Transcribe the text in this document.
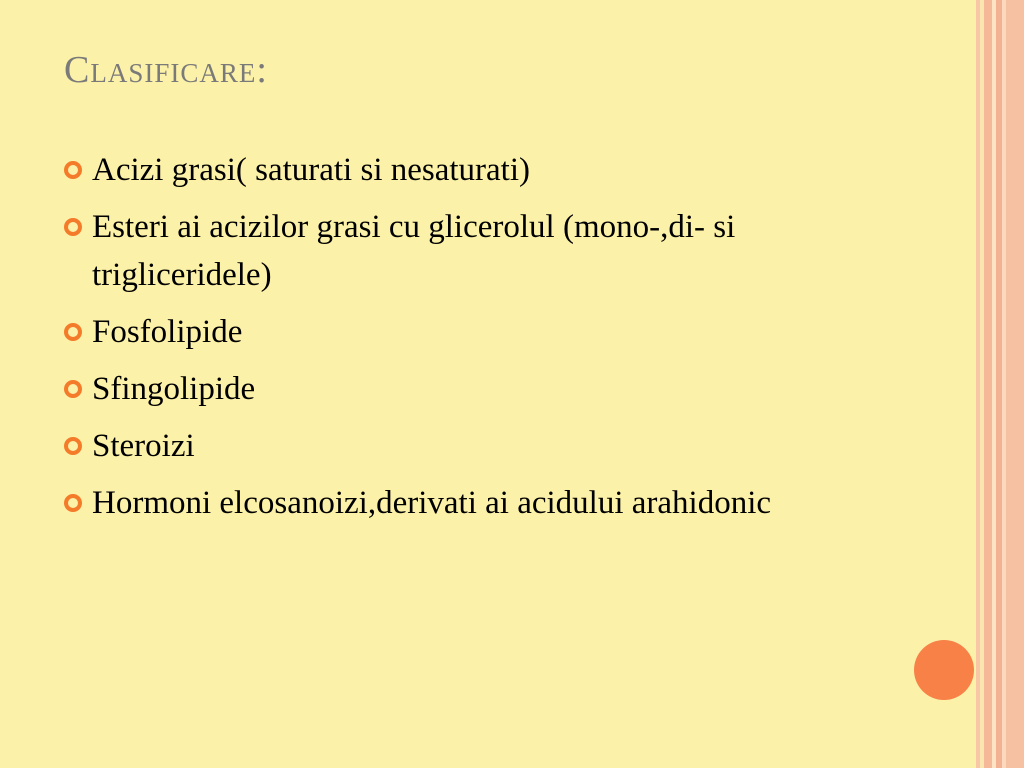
Clasificare:
Acizi grasi( saturati si nesaturati)
Esteri ai acizilor grasi cu glicerolul (mono-,di- si trigliceridele)
Fosfolipide
Sfingolipide
Steroizi
Hormoni elcosanoizi,derivati ai acidului arahidonic
